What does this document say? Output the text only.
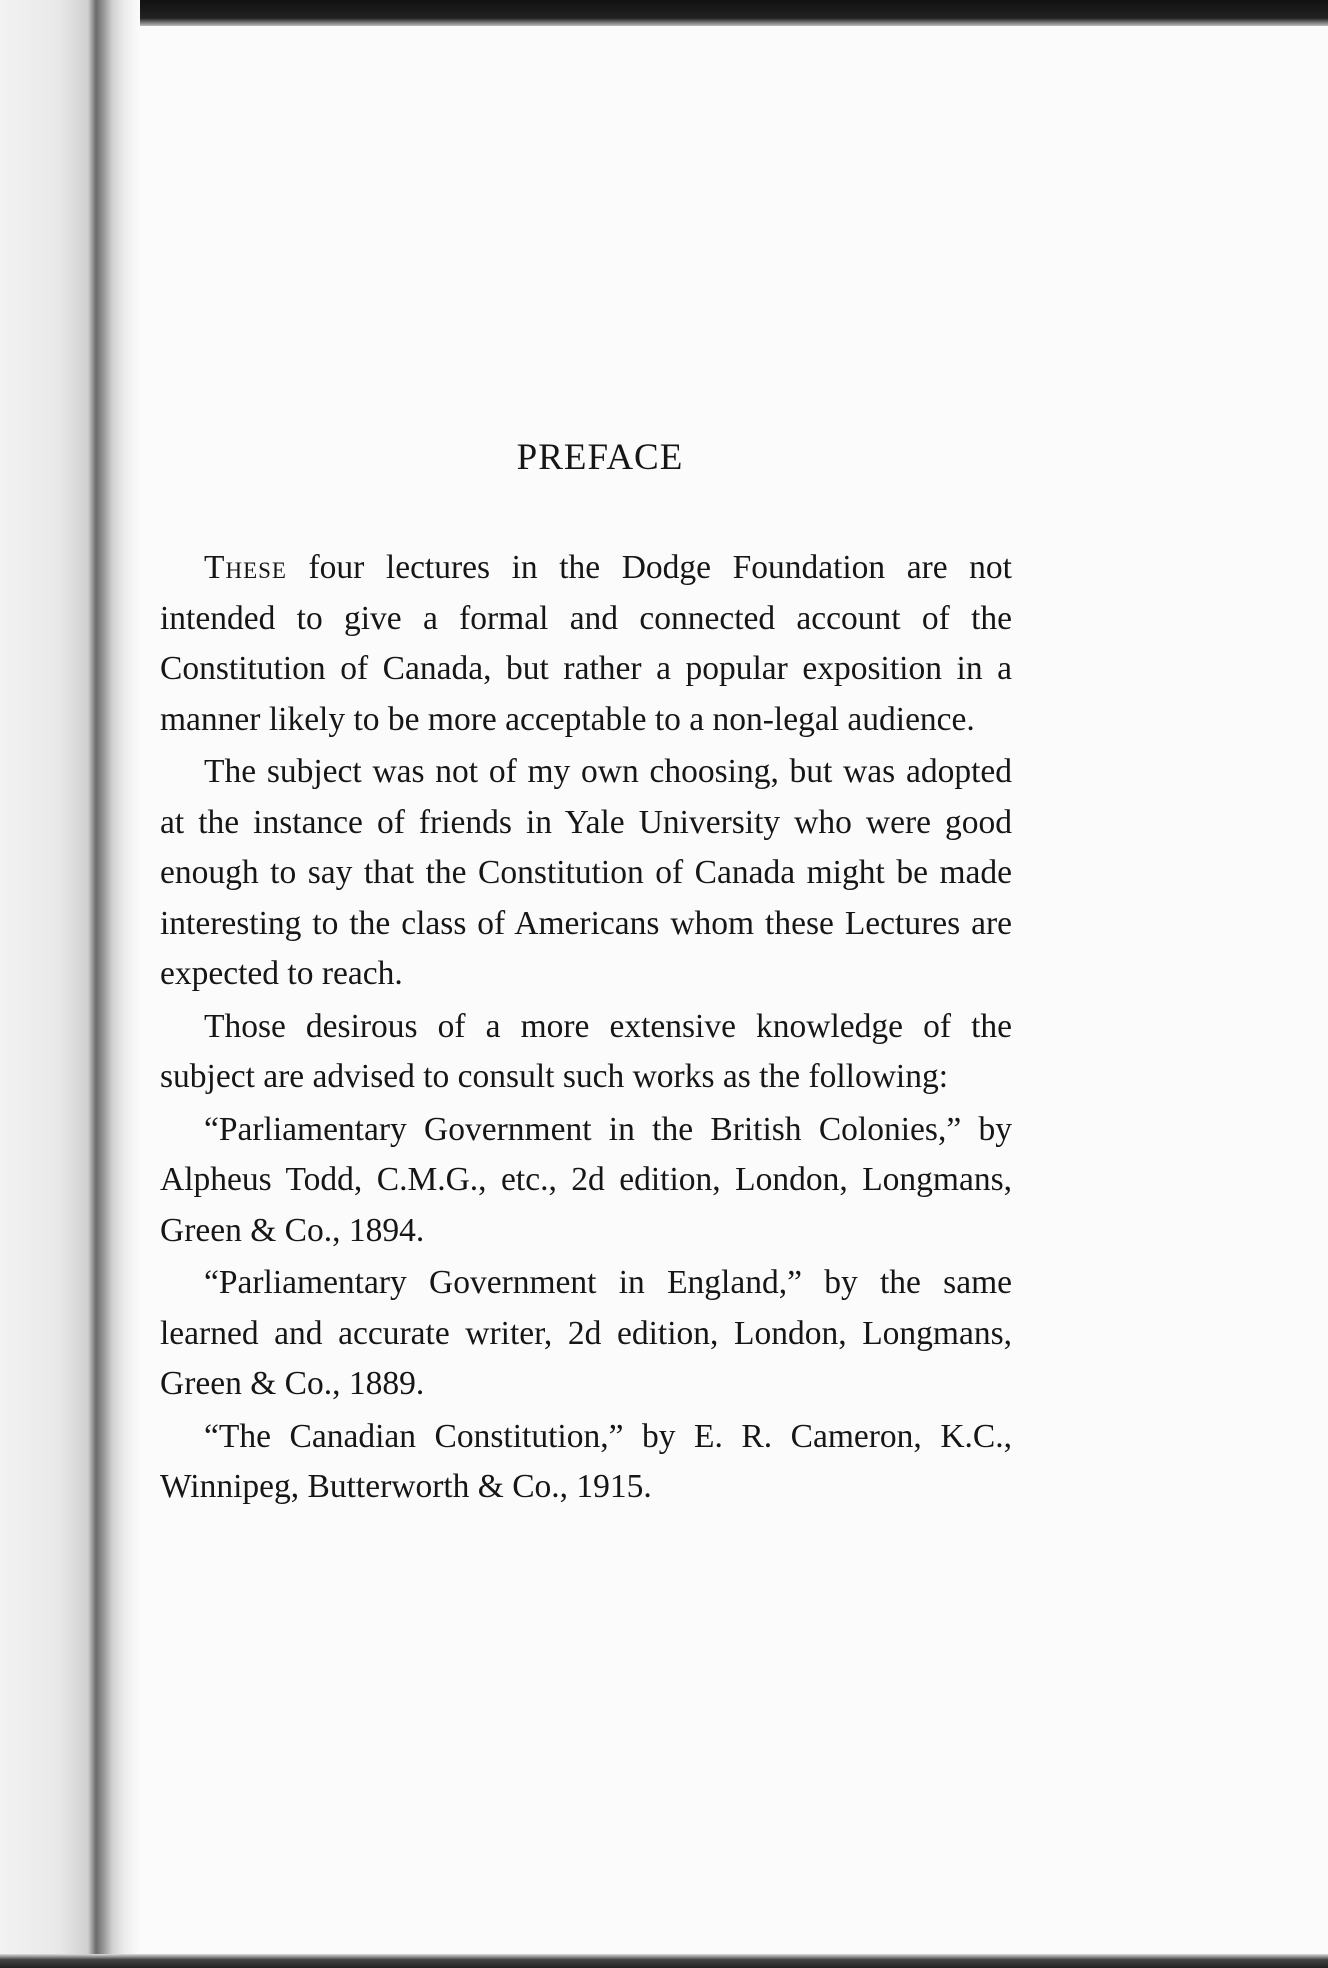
PREFACE

These four lectures in the Dodge Foundation are not intended to give a formal and connected account of the Constitution of Canada, but rather a popular exposition in a manner likely to be more acceptable to a non-legal audience.

The subject was not of my own choosing, but was adopted at the instance of friends in Yale University who were good enough to say that the Constitution of Canada might be made interesting to the class of Americans whom these Lectures are expected to reach.

Those desirous of a more extensive knowledge of the subject are advised to consult such works as the following:

“Parliamentary Government in the British Colonies,” by Alpheus Todd, C.M.G., etc., 2d edition, London, Longmans, Green & Co., 1894.

“Parliamentary Government in England,” by the same learned and accurate writer, 2d edition, London, Longmans, Green & Co., 1889.

“The Canadian Constitution,” by E. R. Cameron, K.C., Winnipeg, Butterworth & Co., 1915.
